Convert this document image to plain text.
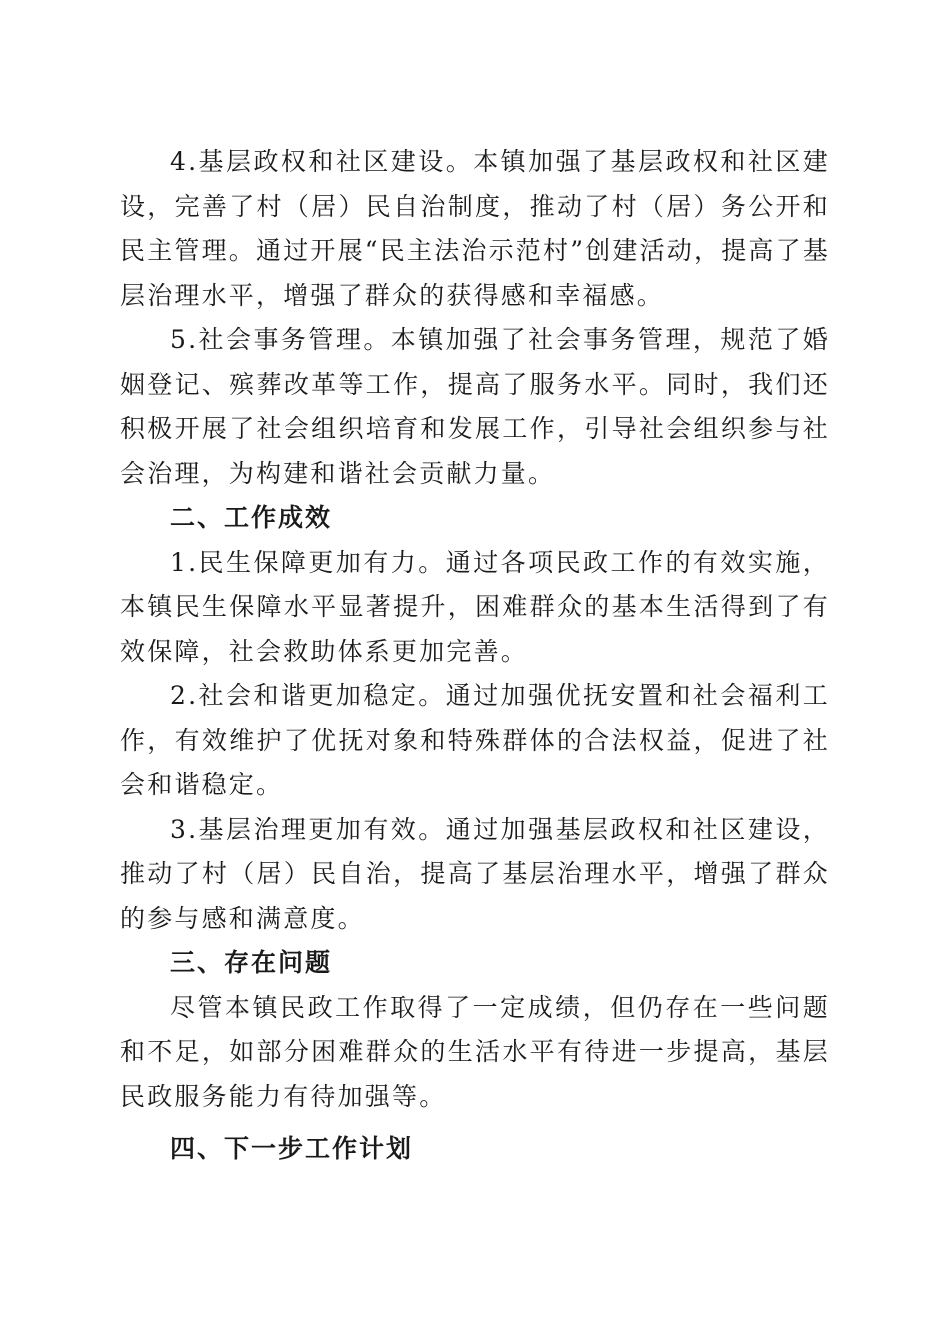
4.基层政权和社区建设。本镇加强了基层政权和社区建设，完善了村（居）民自治制度，推动了村（居）务公开和民主管理。通过开展“民主法治示范村”创建活动，提高了基层治理水平，增强了群众的获得感和幸福感。

5.社会事务管理。本镇加强了社会事务管理，规范了婚姻登记、殡葬改革等工作，提高了服务水平。同时，我们还积极开展了社会组织培育和发展工作，引导社会组织参与社会治理，为构建和谐社会贡献力量。

二、工作成效

1.民生保障更加有力。通过各项民政工作的有效实施，本镇民生保障水平显著提升，困难群众的基本生活得到了有效保障，社会救助体系更加完善。

2.社会和谐更加稳定。通过加强优抚安置和社会福利工作，有效维护了优抚对象和特殊群体的合法权益，促进了社会和谐稳定。

3.基层治理更加有效。通过加强基层政权和社区建设，推动了村（居）民自治，提高了基层治理水平，增强了群众的参与感和满意度。

三、存在问题

尽管本镇民政工作取得了一定成绩，但仍存在一些问题和不足，如部分困难群众的生活水平有待进一步提高，基层民政服务能力有待加强等。

四、下一步工作计划
